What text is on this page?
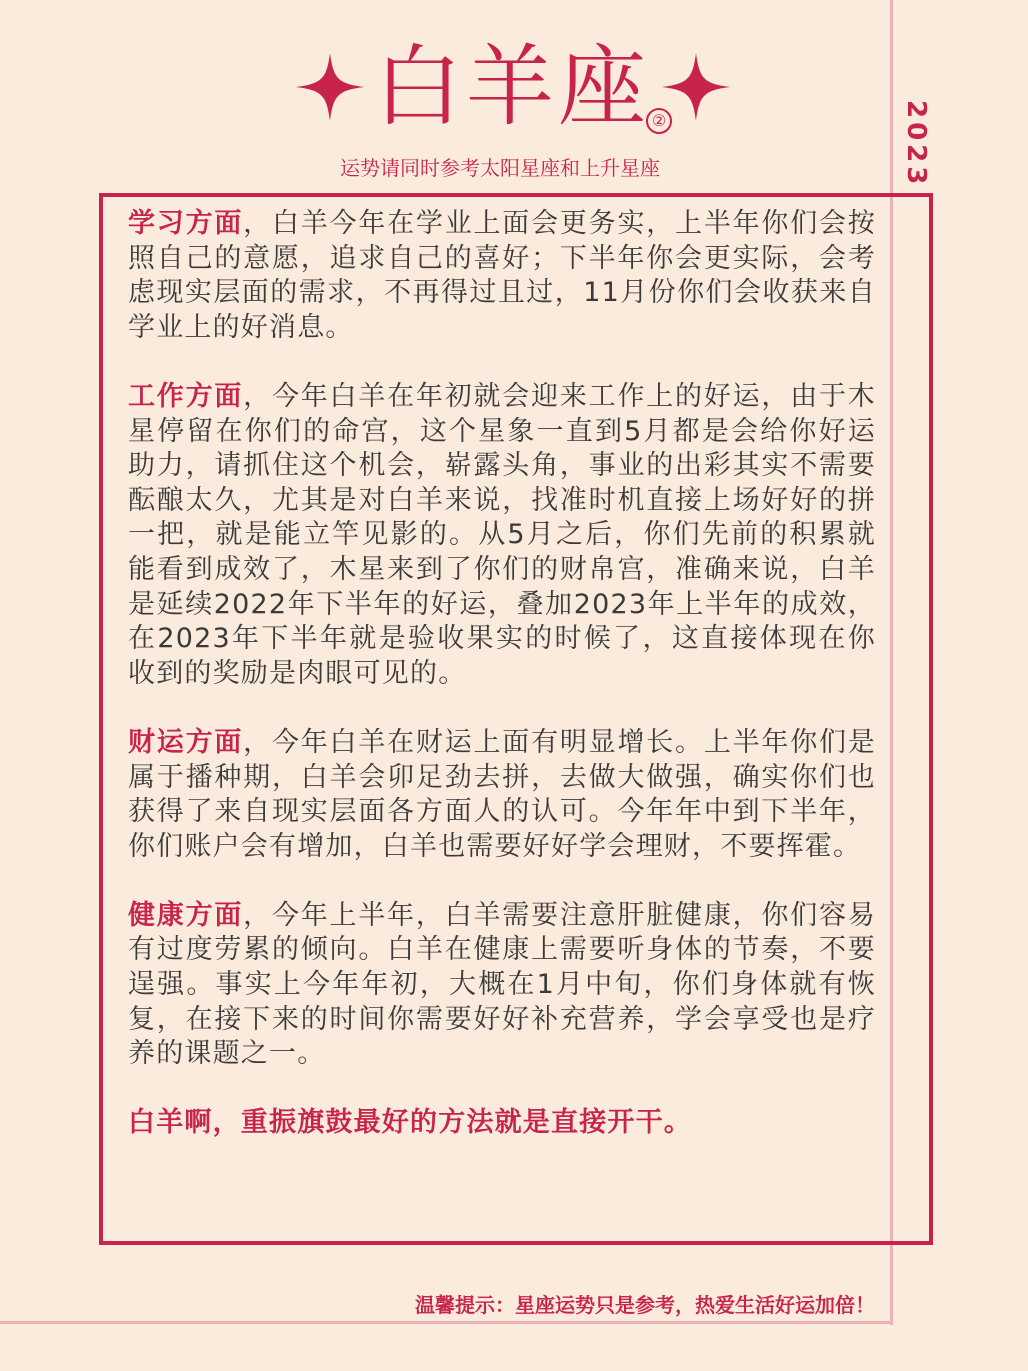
2023
白羊座 ②
运势请同时参考太阳星座和上升星座

学习方面，白羊今年在学业上面会更务实，上半年你们会按照自己的意愿，追求自己的喜好；下半年你会更实际，会考虑现实层面的需求，不再得过且过，11月份你们会收获来自学业上的好消息。

工作方面，今年白羊在年初就会迎来工作上的好运，由于木星停留在你们的命宫，这个星象一直到5月都是会给你好运助力，请抓住这个机会，崭露头角，事业的出彩其实不需要酝酿太久，尤其是对白羊来说，找准时机直接上场好好的拼一把，就是能立竿见影的。从5月之后，你们先前的积累就能看到成效了，木星来到了你们的财帛宫，准确来说，白羊是延续2022年下半年的好运，叠加2023年上半年的成效，在2023年下半年就是验收果实的时候了，这直接体现在你收到的奖励是肉眼可见的。

财运方面，今年白羊在财运上面有明显增长。上半年你们是属于播种期，白羊会卯足劲去拼，去做大做强，确实你们也获得了来自现实层面各方面人的认可。今年年中到下半年，你们账户会有增加，白羊也需要好好学会理财，不要挥霍。

健康方面，今年上半年，白羊需要注意肝脏健康，你们容易有过度劳累的倾向。白羊在健康上需要听身体的节奏，不要逞强。事实上今年年初，大概在1月中旬，你们身体就有恢复，在接下来的时间你需要好好补充营养，学会享受也是疗养的课题之一。

白羊啊，重振旗鼓最好的方法就是直接开干。

温馨提示：星座运势只是参考，热爱生活好运加倍！
